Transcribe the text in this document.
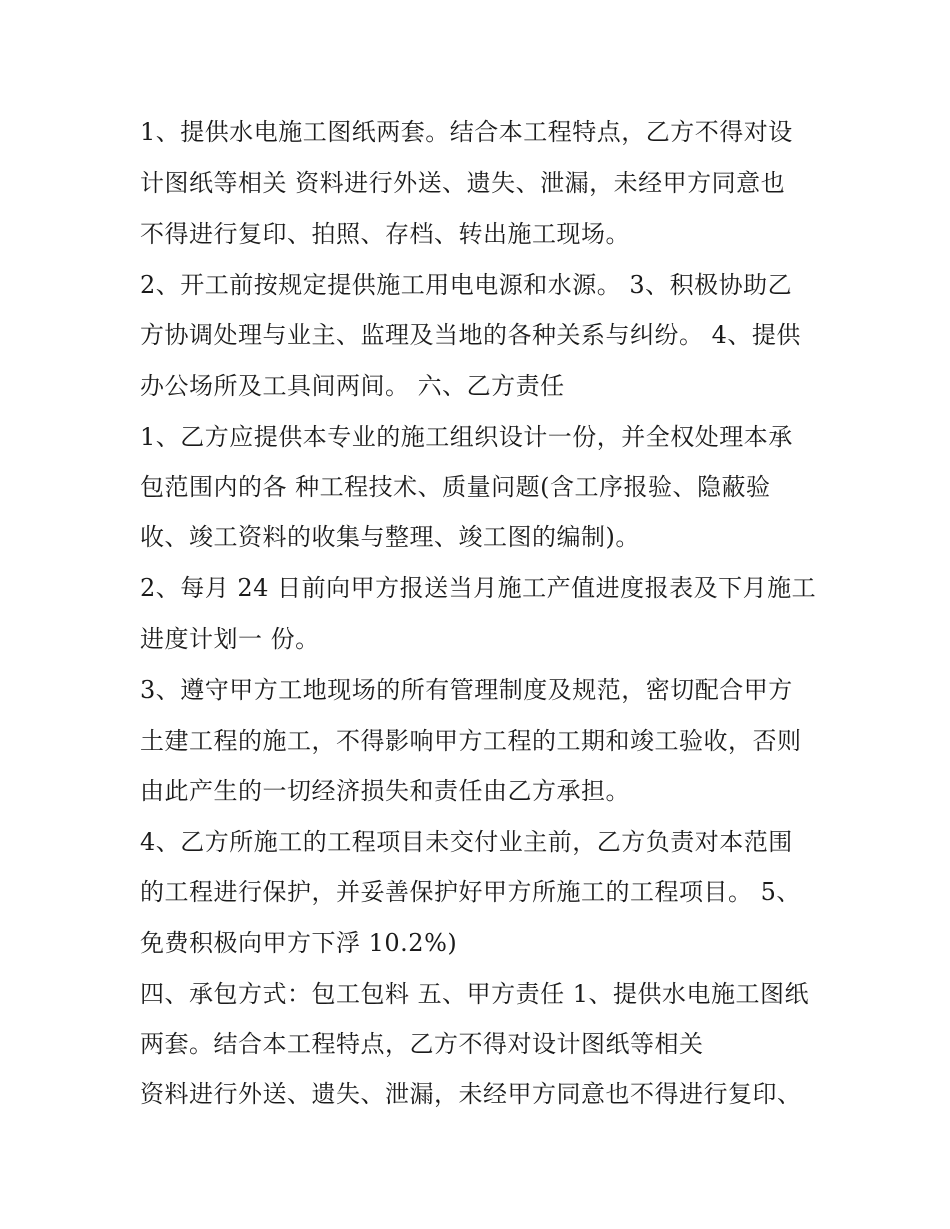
1、提供水电施工图纸两套。结合本工程特点，乙方不得对设
计图纸等相关 资料进行外送、遗失、泄漏，未经甲方同意也
不得进行复印、拍照、存档、转出施工现场。
2、开工前按规定提供施工用电电源和水源。 3、积极协助乙
方协调处理与业主、监理及当地的各种关系与纠纷。 4、提供
办公场所及工具间两间。 六、乙方责任
1、乙方应提供本专业的施工组织设计一份，并全权处理本承
包范围内的各 种工程技术、质量问题(含工序报验、隐蔽验
收、竣工资料的收集与整理、竣工图的编制)。
2、每月 24 日前向甲方报送当月施工产值进度报表及下月施工
进度计划一 份。
3、遵守甲方工地现场的所有管理制度及规范，密切配合甲方
土建工程的施工，不得影响甲方工程的工期和竣工验收，否则
由此产生的一切经济损失和责任由乙方承担。
4、乙方所施工的工程项目未交付业主前，乙方负责对本范围
的工程进行保护，并妥善保护好甲方所施工的工程项目。 5、
免费积极向甲方下浮 10.2%)
四、承包方式：包工包料 五、甲方责任 1、提供水电施工图纸
两套。结合本工程特点，乙方不得对设计图纸等相关
资料进行外送、遗失、泄漏，未经甲方同意也不得进行复印、
